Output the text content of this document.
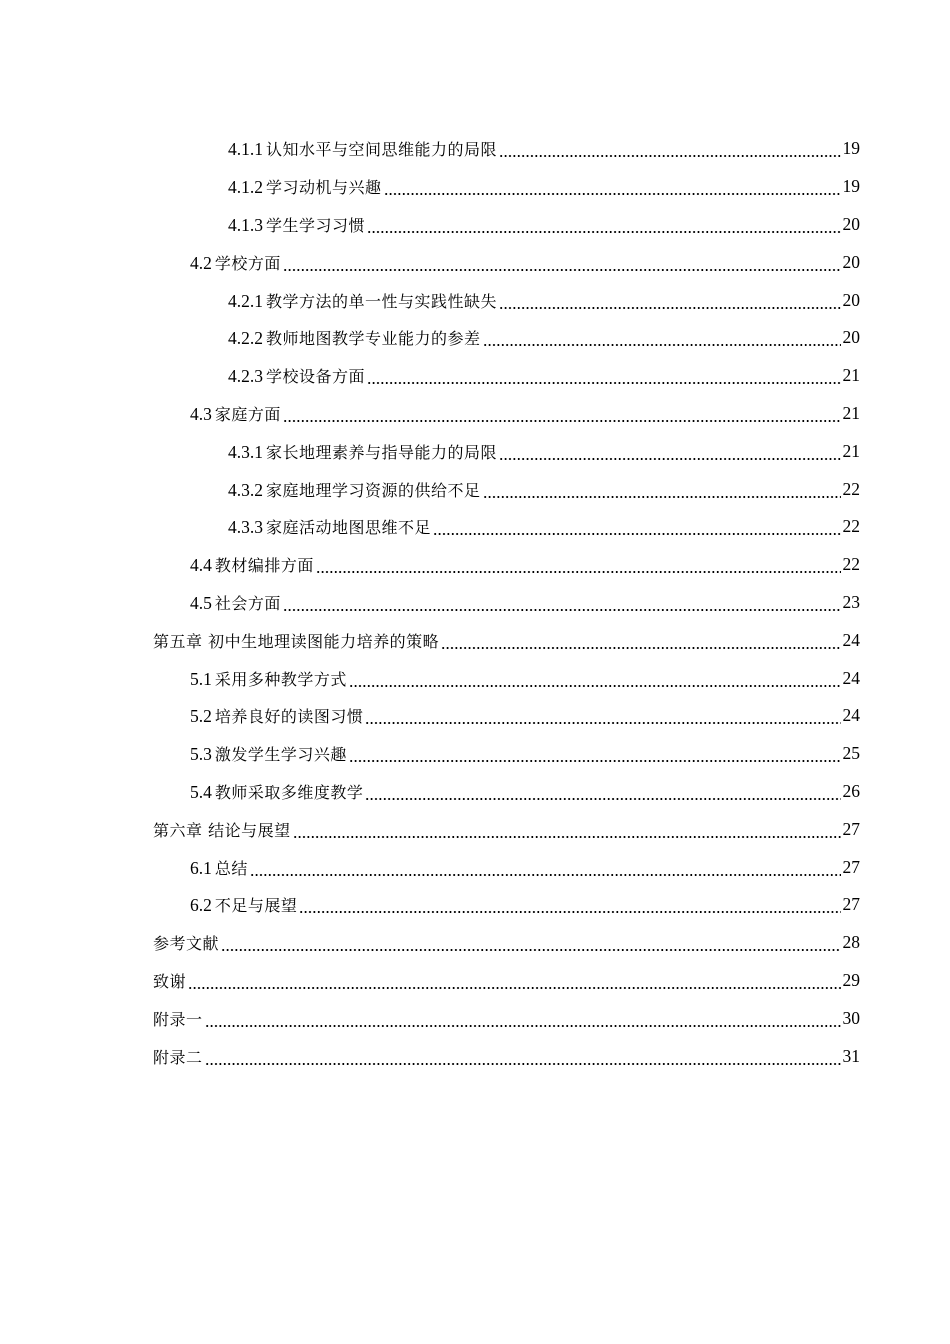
4.1.1 认知水平与空间思维能力的局限	19
4.1.2 学习动机与兴趣	19
4.1.3 学生学习习惯	20
4.2 学校方面	20
4.2.1 教学方法的单一性与实践性缺失	20
4.2.2 教师地图教学专业能力的参差	20
4.2.3 学校设备方面	21
4.3 家庭方面	21
4.3.1 家长地理素养与指导能力的局限	21
4.3.2 家庭地理学习资源的供给不足	22
4.3.3 家庭活动地图思维不足	22
4.4 教材编排方面	22
4.5 社会方面	23
第五章 初中生地理读图能力培养的策略	24
5.1 采用多种教学方式	24
5.2 培养良好的读图习惯	24
5.3 激发学生学习兴趣	25
5.4 教师采取多维度教学	26
第六章 结论与展望	27
6.1 总结	27
6.2 不足与展望	27
参考文献	28
致谢	29
附录一	30
附录二	31
